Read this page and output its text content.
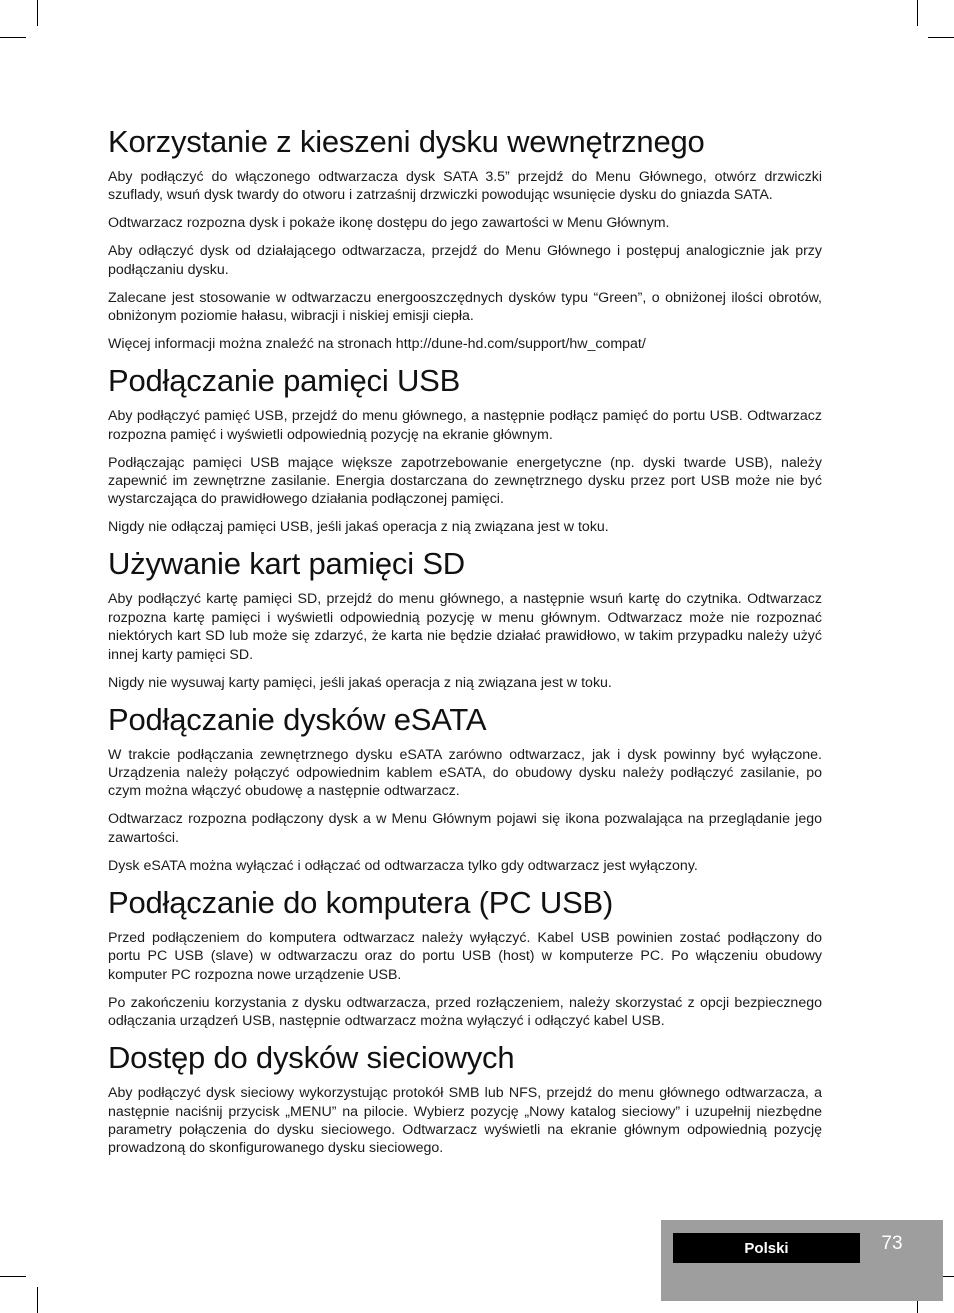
Korzystanie z kieszeni dysku wewnętrznego

Aby podłączyć do włączonego odtwarzacza dysk SATA 3.5” przejdź do Menu Głównego, otwórz drzwiczki szuflady, wsuń dysk twardy do otworu i zatrzaśnij drzwiczki powodując wsunięcie dysku do gniazda SATA.

Odtwarzacz rozpozna dysk i pokaże ikonę dostępu do jego zawartości w Menu Głównym.

Aby odłączyć dysk od działającego odtwarzacza, przejdź do Menu Głównego i postępuj analogicznie jak przy podłączaniu dysku.

Zalecane jest stosowanie w odtwarzaczu energooszczędnych dysków typu “Green”, o obniżonej ilości obrotów, obniżonym poziomie hałasu, wibracji i niskiej emisji ciepła.

Więcej informacji można znaleźć na stronach http://dune-hd.com/support/hw_compat/

Podłączanie pamięci USB

Aby podłączyć pamięć USB, przejdź do menu głównego, a następnie podłącz pamięć do portu USB. Odtwarzacz rozpozna pamięć i wyświetli odpowiednią pozycję na ekranie głównym.

Podłączając pamięci USB mające większe zapotrzebowanie energetyczne (np. dyski twarde USB), należy zapewnić im zewnętrzne zasilanie. Energia dostarczana do zewnętrznego dysku przez port USB może nie być wystarczająca do prawidłowego działania podłączonej pamięci.

Nigdy nie odłączaj pamięci USB, jeśli jakaś operacja z nią związana jest w toku.

Używanie kart pamięci SD

Aby podłączyć kartę pamięci SD, przejdź do menu głównego, a następnie wsuń kartę do czytnika. Odtwarzacz rozpozna kartę pamięci i wyświetli odpowiednią pozycję w menu głównym. Odtwarzacz może nie rozpoznać niektórych kart SD lub może się zdarzyć, że karta nie będzie działać prawidłowo, w takim przypadku należy użyć innej karty pamięci SD.

Nigdy nie wysuwaj karty pamięci, jeśli jakaś operacja z nią związana jest w toku.

Podłączanie dysków eSATA

W trakcie podłączania zewnętrznego dysku eSATA zarówno odtwarzacz, jak i dysk powinny być wyłączone. Urządzenia należy połączyć odpowiednim kablem eSATA, do obudowy dysku należy podłączyć zasilanie, po czym można włączyć obudowę a następnie odtwarzacz.

Odtwarzacz rozpozna podłączony dysk a w Menu Głównym pojawi się ikona pozwalająca na przeglądanie jego zawartości.

Dysk eSATA można wyłączać i odłączać od odtwarzacza tylko gdy odtwarzacz jest wyłączony.

Podłączanie do komputera (PC USB)

Przed podłączeniem do komputera odtwarzacz należy wyłączyć. Kabel USB powinien zostać podłączony do portu PC USB (slave) w odtwarzaczu oraz do portu USB (host) w komputerze PC. Po włączeniu obudowy komputer PC rozpozna nowe urządzenie USB.

Po zakończeniu korzystania z dysku odtwarzacza, przed rozłączeniem, należy skorzystać z opcji bezpiecznego odłączania urządzeń USB, następnie odtwarzacz można wyłączyć i odłączyć kabel USB.

Dostęp do dysków sieciowych

Aby podłączyć dysk sieciowy wykorzystując protokół SMB lub NFS, przejdź do menu głównego odtwarzacza, a następnie naciśnij przycisk „MENU” na pilocie. Wybierz pozycję „Nowy katalog sieciowy” i uzupełnij niezbędne parametry połączenia do dysku sieciowego. Odtwarzacz wyświetli na ekranie głównym odpowiednią pozycję prowadzoną do skonfigurowanego dysku sieciowego.

Polski	73
